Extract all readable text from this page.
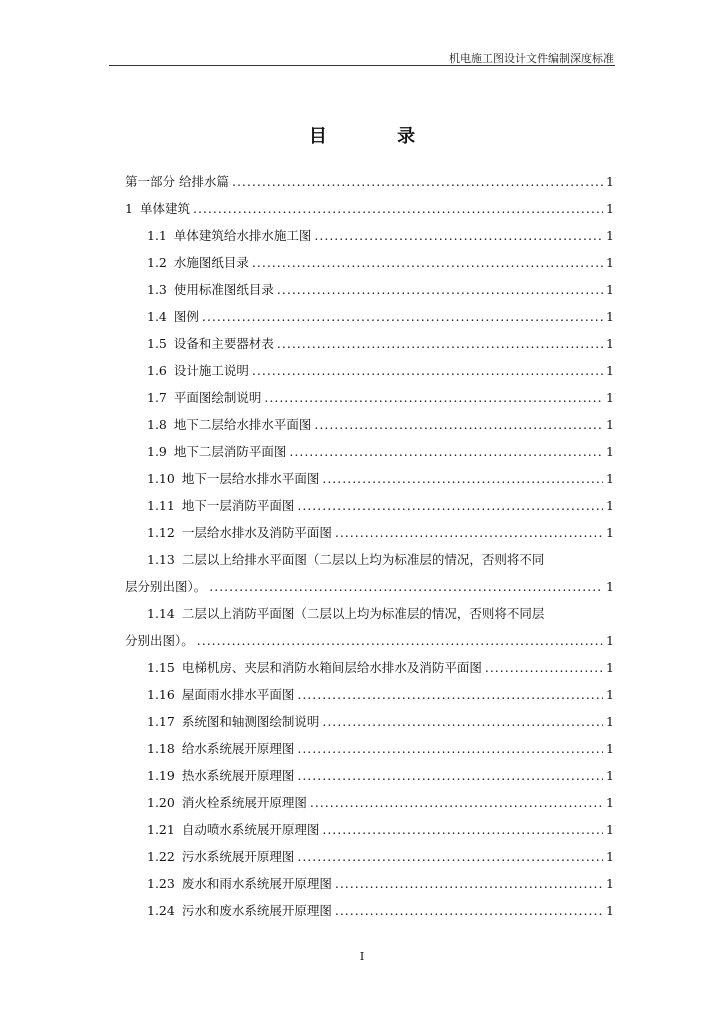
机电施工图设计文件编制深度标准
目 录
第一部分 给排水篇 .....	1
1 单体建筑 .....	1
1.1 单体建筑给水排水施工图 .....	1
1.2 水施图纸目录 .....	1
1.3 使用标准图纸目录 .....	1
1.4 图例 .....	1
1.5 设备和主要器材表 .....	1
1.6 设计施工说明 .....	1
1.7 平面图绘制说明 .....	1
1.8 地下二层给水排水平面图 .....	1
1.9 地下二层消防平面图 .....	1
1.10 地下一层给水排水平面图 .....	1
1.11 地下一层消防平面图 .....	1
1.12 一层给水排水及消防平面图 .....	1
1.13 二层以上给排水平面图（二层以上均为标准层的情况，否则将不同
层分别出图）。 .....	1
1.14 二层以上消防平面图（二层以上均为标准层的情况，否则将不同层
分别出图）。 .....	1
1.15 电梯机房、夹层和消防水箱间层给水排水及消防平面图 .....	1
1.16 屋面雨水排水平面图 .....	1
1.17 系统图和轴测图绘制说明 .....	1
1.18 给水系统展开原理图 .....	1
1.19 热水系统展开原理图 .....	1
1.20 消火栓系统展开原理图 .....	1
1.21 自动喷水系统展开原理图 .....	1
1.22 污水系统展开原理图 .....	1
1.23 废水和雨水系统展开原理图 .....	1
1.24 污水和废水系统展开原理图 .....	1
I
